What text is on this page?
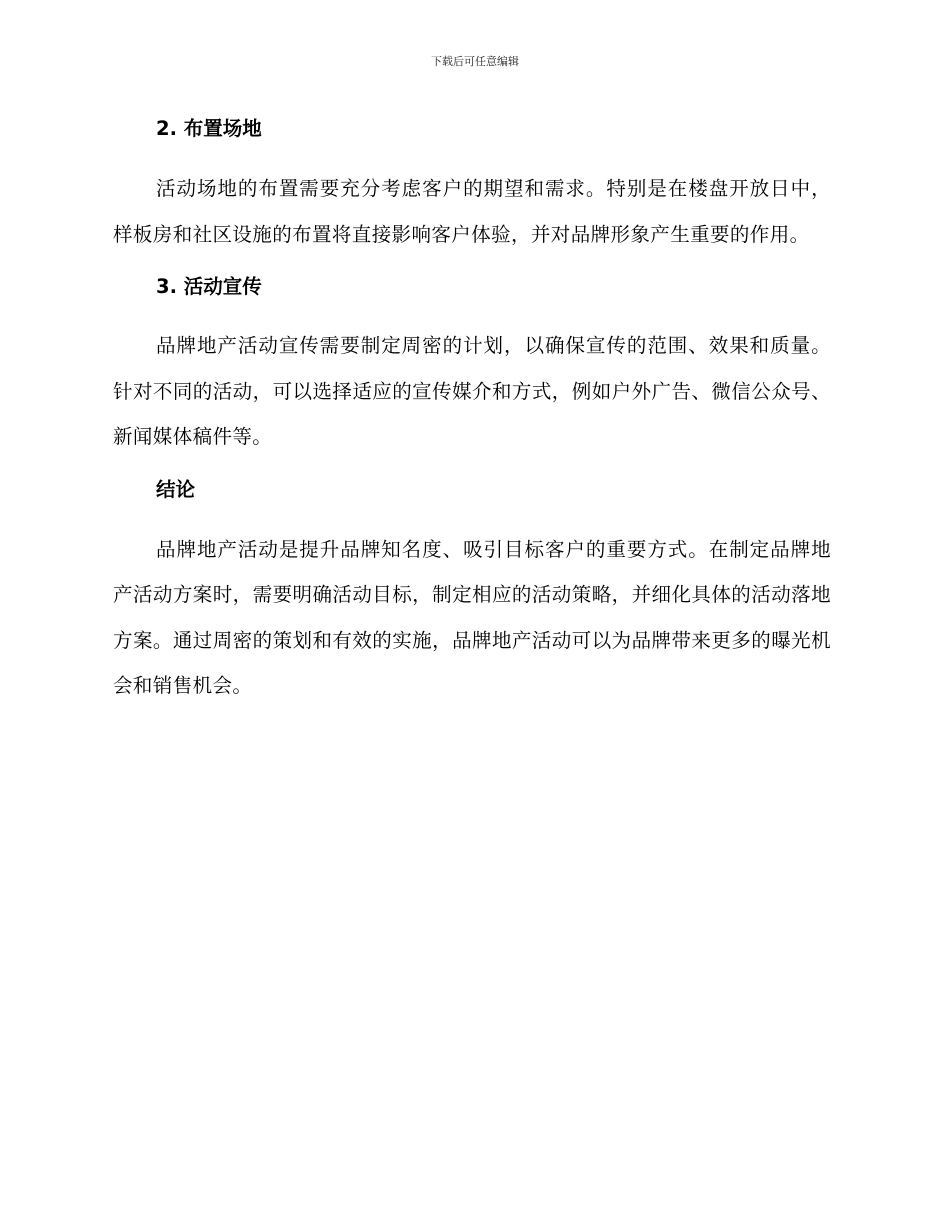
下载后可任意编辑
2. 布置场地

活动场地的布置需要充分考虑客户的期望和需求。特别是在楼盘开放日中，样板房和社区设施的布置将直接影响客户体验，并对品牌形象产生重要的作用。

3. 活动宣传

品牌地产活动宣传需要制定周密的计划，以确保宣传的范围、效果和质量。针对不同的活动，可以选择适应的宣传媒介和方式，例如户外广告、微信公众号、新闻媒体稿件等。

结论

品牌地产活动是提升品牌知名度、吸引目标客户的重要方式。在制定品牌地产活动方案时，需要明确活动目标，制定相应的活动策略，并细化具体的活动落地方案。通过周密的策划和有效的实施，品牌地产活动可以为品牌带来更多的曝光机会和销售机会。
